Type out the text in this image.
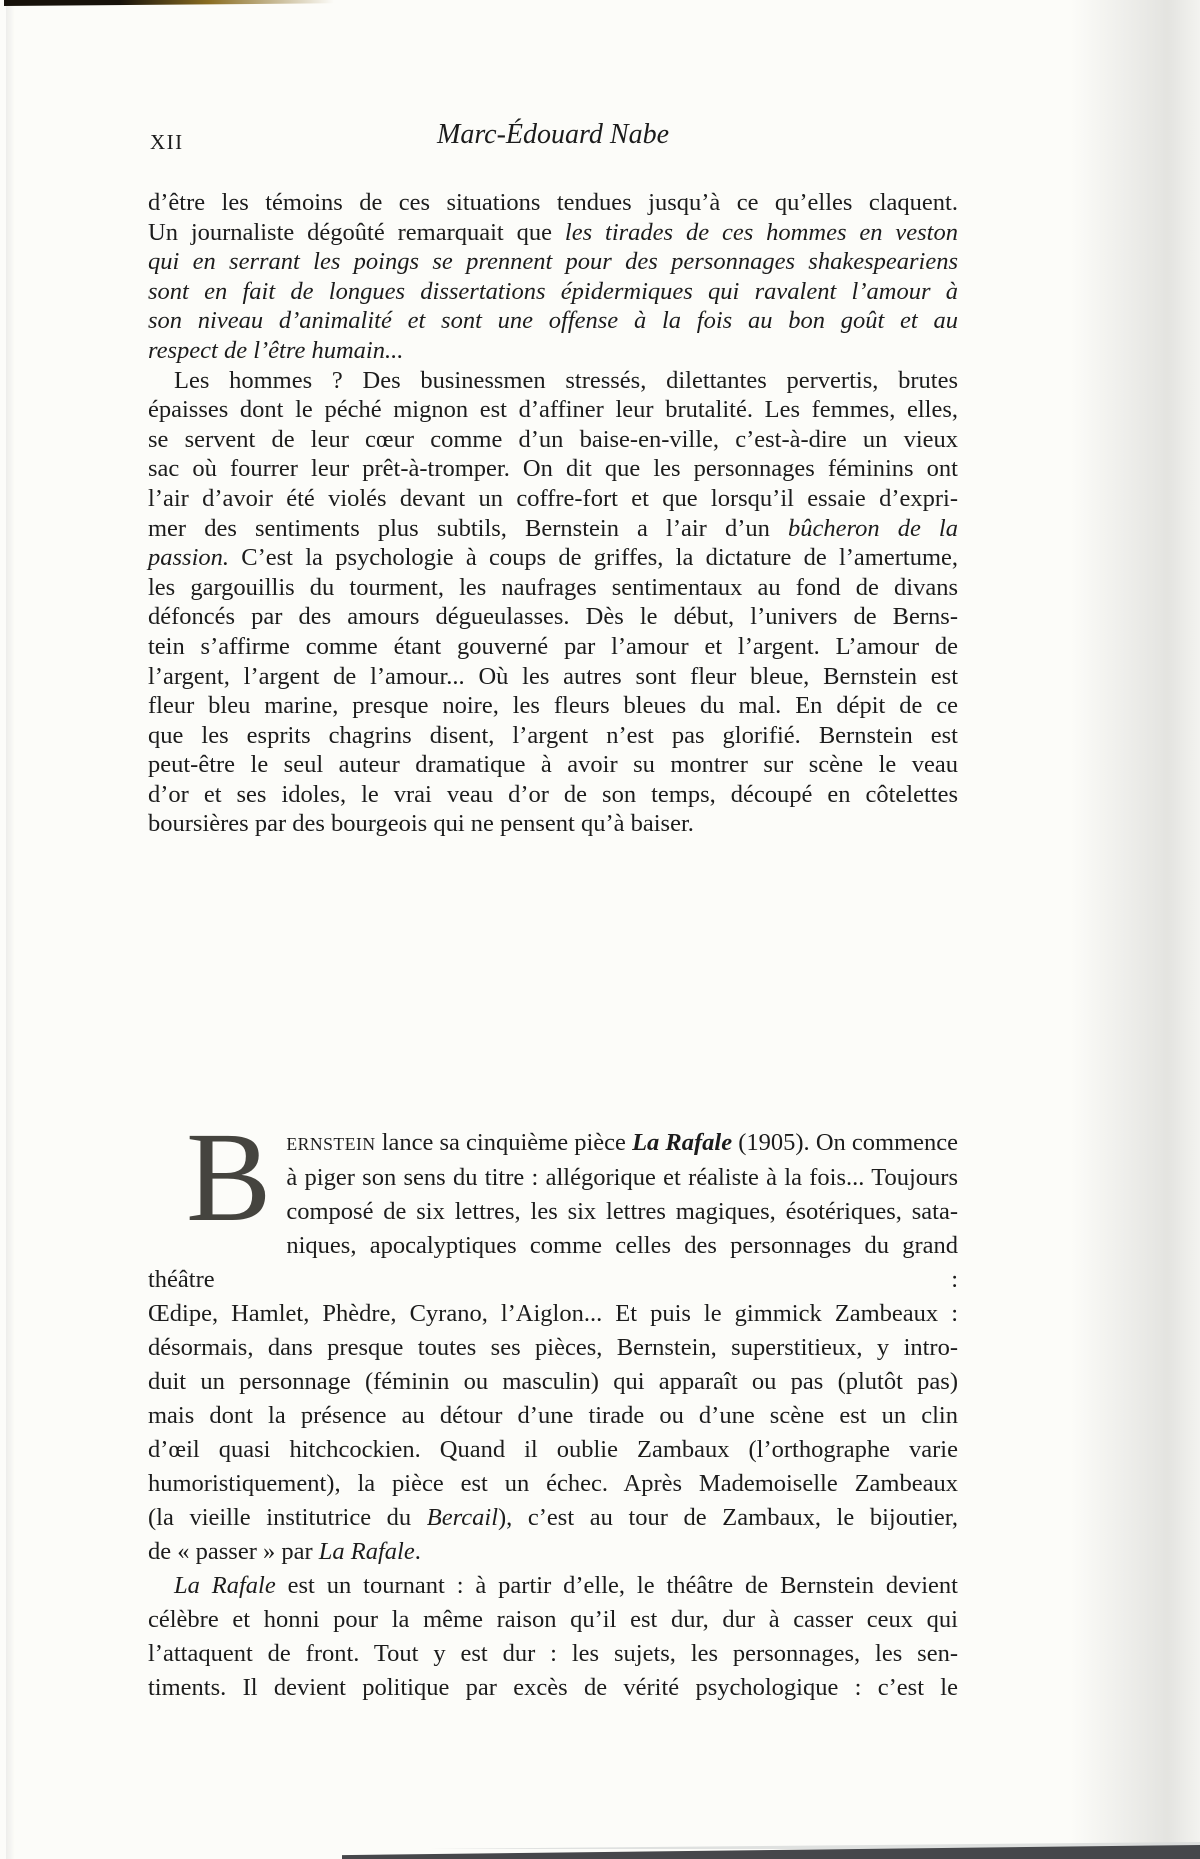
XII	Marc-Édouard Nabe
d’être les témoins de ces situations tendues jusqu’à ce qu’elles claquent.
Un journaliste dégoûté remarquait que les tirades de ces hommes en veston
qui en serrant les poings se prennent pour des personnages shakespeariens
sont en fait de longues dissertations épidermiques qui ravalent l’amour à
son niveau d’animalité et sont une offense à la fois au bon goût et au
respect de l’être humain...
Les hommes ? Des businessmen stressés, dilettantes pervertis, brutes
épaisses dont le péché mignon est d’affiner leur brutalité. Les femmes, elles,
se servent de leur cœur comme d’un baise-en-ville, c’est-à-dire un vieux
sac où fourrer leur prêt-à-tromper. On dit que les personnages féminins ont
l’air d’avoir été violés devant un coffre-fort et que lorsqu’il essaie d’expri-
mer des sentiments plus subtils, Bernstein a l’air d’un bûcheron de la
passion. C’est la psychologie à coups de griffes, la dictature de l’amertume,
les gargouillis du tourment, les naufrages sentimentaux au fond de divans
défoncés par des amours dégueulasses. Dès le début, l’univers de Berns-
tein s’affirme comme étant gouverné par l’amour et l’argent. L’amour de
l’argent, l’argent de l’amour... Où les autres sont fleur bleue, Bernstein est
fleur bleu marine, presque noire, les fleurs bleues du mal. En dépit de ce
que les esprits chagrins disent, l’argent n’est pas glorifié. Bernstein est
peut-être le seul auteur dramatique à avoir su montrer sur scène le veau
d’or et ses idoles, le vrai veau d’or de son temps, découpé en côtelettes
boursières par des bourgeois qui ne pensent qu’à baiser.
B ERNSTEIN lance sa cinquième pièce La Rafale (1905). On commence
à piger son sens du titre : allégorique et réaliste à la fois... Toujours
composé de six lettres, les six lettres magiques, ésotériques, sata-
niques, apocalyptiques comme celles des personnages du grand théâtre :
Œdipe, Hamlet, Phèdre, Cyrano, l’Aiglon... Et puis le gimmick Zambeaux :
désormais, dans presque toutes ses pièces, Bernstein, superstitieux, y intro-
duit un personnage (féminin ou masculin) qui apparaît ou pas (plutôt pas)
mais dont la présence au détour d’une tirade ou d’une scène est un clin
d’œil quasi hitchcockien. Quand il oublie Zambaux (l’orthographe varie
humoristiquement), la pièce est un échec. Après Mademoiselle Zambeaux
(la vieille institutrice du Bercail), c’est au tour de Zambaux, le bijoutier,
de « passer » par La Rafale.
La Rafale est un tournant : à partir d’elle, le théâtre de Bernstein devient
célèbre et honni pour la même raison qu’il est dur, dur à casser ceux qui
l’attaquent de front. Tout y est dur : les sujets, les personnages, les sen-
timents. Il devient politique par excès de vérité psychologique : c’est le
